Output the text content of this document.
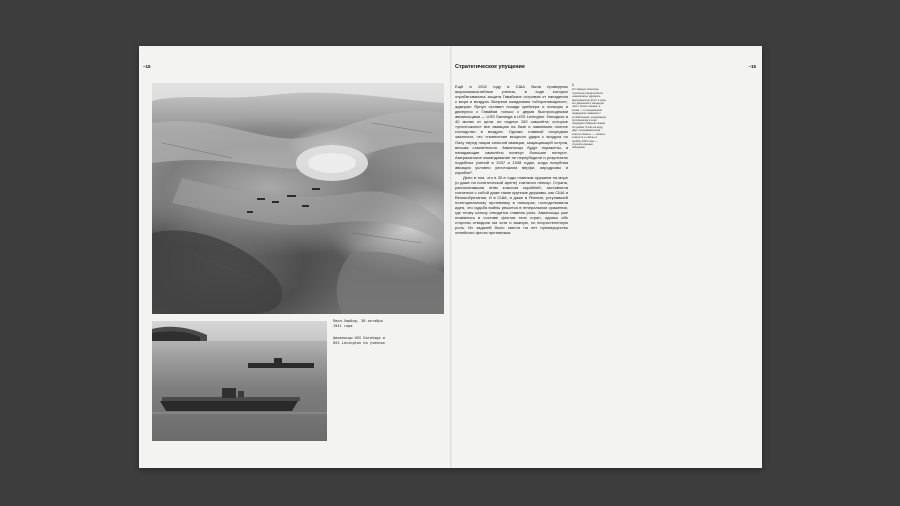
–15	–15
Перл-Харбор, 30 октября 1941 года
Авианосцы USS Saratoga и USS Lexington на учениях
Стратегическое упущение

Ещё в 1932 году в США были проведены широкомасштабные учения, в ходе которых отрабатывалась защита Гавайских островов от нападения с моря и воздуха. Вопреки ожиданиям «обороняющихся», адмирал Ярнул оставил позади крейсера и линкоры и двинулся к Гавайям только с двумя быстроходными авианосцами — USS Saratoga и USS Lexington. Находясь в 40 милях от цели, он поднял 152 самолёта, которые «уничтожили» все авиацию на базе и завоевали полное господство в воздухе. Однако главный посредник заключил, что «нанесение мощного удара с воздуха по Оаху перед лицом сильной авиации, защищающей остров, весьма сомнительно. Авианосцы будут поражены, а нападающие самолёты понесут большие потери». Американское командование не переубедили и результаты подобных учений в 1937 и 1938 годах, когда палубная авиация условно уничтожала верфи, аэродромы и корабли¹.

Дело в том, что в 30-е годы главным оружием на море (и даже на политической арене) считался линкор. Страна, располагавшая этим классом кораблей, заставляла считаться с собой даже такие крупные державы, как США и Великобритания. И в США, и даже в Японии, уступавшей потенциальному противнику в линкорах, господствовала идея, что судьба войны решится в генеральном сражении, где этому классу отводится главная роль. Авианосцы уже появились в составе флотов этих стран, однако обе стороны отводили им хотя и важную, но второстепенную роль. Их задачей было свести на нет преимущество линейного флота противника.

1
Отставшую японскую стратегию предполагала «внезапное» удержать американскую флот в ходе его движения в западную часть Тихого океана, а затем — в генеральном надводном сражении с ослабленным, изнурённым противником в зоне подходов к Маршалловым островам. Отказ на воду двух суперавианосцев класса «Акаги» — «Акаги» в августе и «Кага» в ноябре 1941 года — служила данные обещание.
